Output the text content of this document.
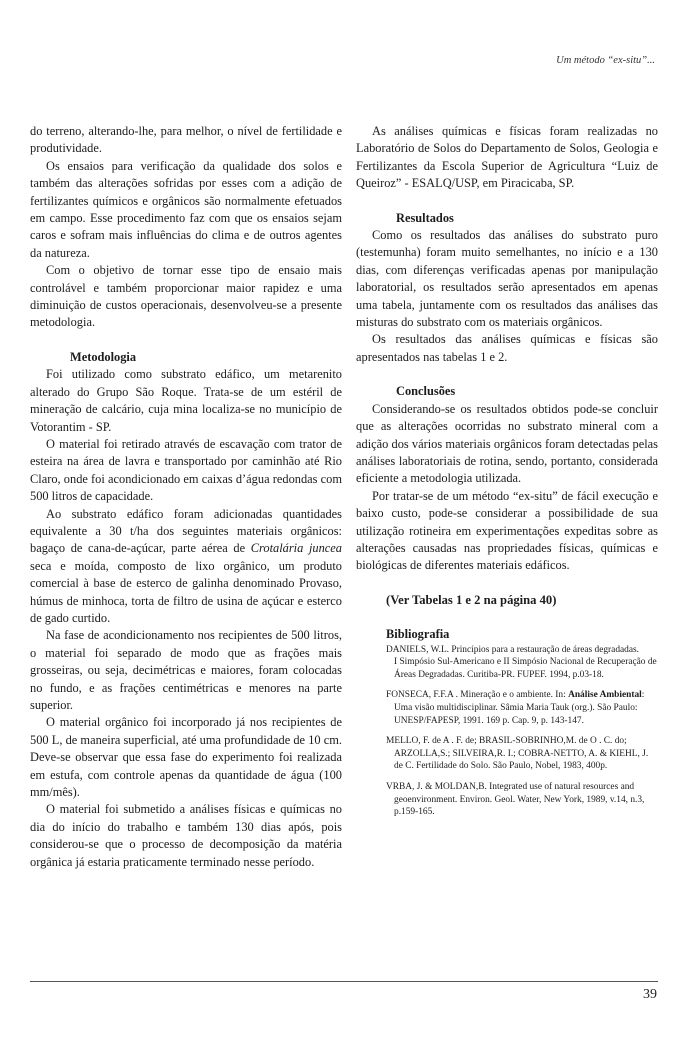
Um método “ex-situ”...

do terreno, alterando-lhe, para melhor, o nível de fertilidade e produtividade.

Os ensaios para verificação da qualidade dos solos e também das alterações sofridas por esses com a adição de fertilizantes químicos e orgânicos são normalmente efetuados em campo. Esse procedimento faz com que os ensaios sejam caros e sofram mais influências do clima e de outros agentes da natureza.

Com o objetivo de tornar esse tipo de ensaio mais controlável e também proporcionar maior rapidez e uma diminuição de custos operacionais, desenvolveu-se a presente metodologia.

Metodologia

Foi utilizado como substrato edáfico, um metarenito alterado do Grupo São Roque. Trata-se de um estéril de mineração de calcário, cuja mina localiza-se no município de Votorantim - SP.

O material foi retirado através de escavação com trator de esteira na área de lavra e transportado por caminhão até Rio Claro, onde foi acondicionado em caixas d’água redondas com 500 litros de capacidade.

Ao substrato edáfico foram adicionadas quantidades equivalente a 30 t/ha dos seguintes materiais orgânicos: bagaço de cana-de-açúcar, parte aérea de Crotalária juncea seca e moída, composto de lixo orgânico, um produto comercial à base de esterco de galinha denominado Provaso, húmus de minhoca, torta de filtro de usina de açúcar e esterco de gado curtido.

Na fase de acondicionamento nos recipientes de 500 litros, o material foi separado de modo que as frações mais grosseiras, ou seja, decimétricas e maiores, foram colocadas no fundo, e as frações centimétricas e menores na parte superior.

O material orgânico foi incorporado já nos recipientes de 500 L, de maneira superficial, até uma profundidade de 10 cm. Deve-se observar que essa fase do experimento foi realizada em estufa, com controle apenas da quantidade de água (100 mm/mês).

O material foi submetido a análises físicas e químicas no dia do início do trabalho e também 130 dias após, pois considerou-se que o processo de decomposição da matéria orgânica já estaria praticamente terminado nesse período.

As análises químicas e físicas foram realizadas no Laboratório de Solos do Departamento de Solos, Geologia e Fertilizantes da Escola Superior de Agricultura “Luiz de Queiroz” - ESALQ/USP, em Piracicaba, SP.

Resultados

Como os resultados das análises do substrato puro (testemunha) foram muito semelhantes, no início e a 130 dias, com diferenças verificadas apenas por manipulação laboratorial, os resultados serão apresentados em apenas uma tabela, juntamente com os resultados das análises das misturas do substrato com os materiais orgânicos.

Os resultados das análises químicas e físicas são apresentados nas tabelas 1 e 2.

Conclusões

Considerando-se os resultados obtidos pode-se concluir que as alterações ocorridas no substrato mineral com a adição dos vários materiais orgânicos foram detectadas pelas análises laboratoriais de rotina, sendo, portanto, considerada eficiente a metodologia utilizada.

Por tratar-se de um método “ex-situ” de fácil execução e baixo custo, pode-se considerar a possibilidade de sua utilização rotineira em experimentações expeditas sobre as alterações causadas nas propriedades físicas, químicas e biológicas de diferentes materiais edáficos.

(Ver Tabelas 1 e 2 na página 40)

Bibliografia
DANIELS, W.L. Princípios para a restauração de áreas degradadas.
I Simpósio Sul-Americano e II Simpósio Nacional de Recuperação de Áreas Degradadas. Curitiba-PR. FUPEF. 1994, p.03-18.
FONSECA, F.F.A . Mineração e o ambiente. In: Análise Ambiental:
Uma visão multidisciplinar. Sâmia Maria Tauk (org.). São Paulo: UNESP/FAPESP, 1991. 169 p. Cap. 9, p. 143-147.
MELLO, F. de A . F. de; BRASIL-SOBRINHO,M. de O . C. do;
ARZOLLA,S.; SILVEIRA,R. I.; COBRA-NETTO, A. & KIEHL, J. de C. Fertilidade do Solo. São Paulo, Nobel, 1983, 400p.
VRBA, J. & MOLDAN,B. Integrated use of natural resources and
geoenvironment. Environ. Geol. Water, New York, 1989, v.14, n.3, p.159-165.
39
